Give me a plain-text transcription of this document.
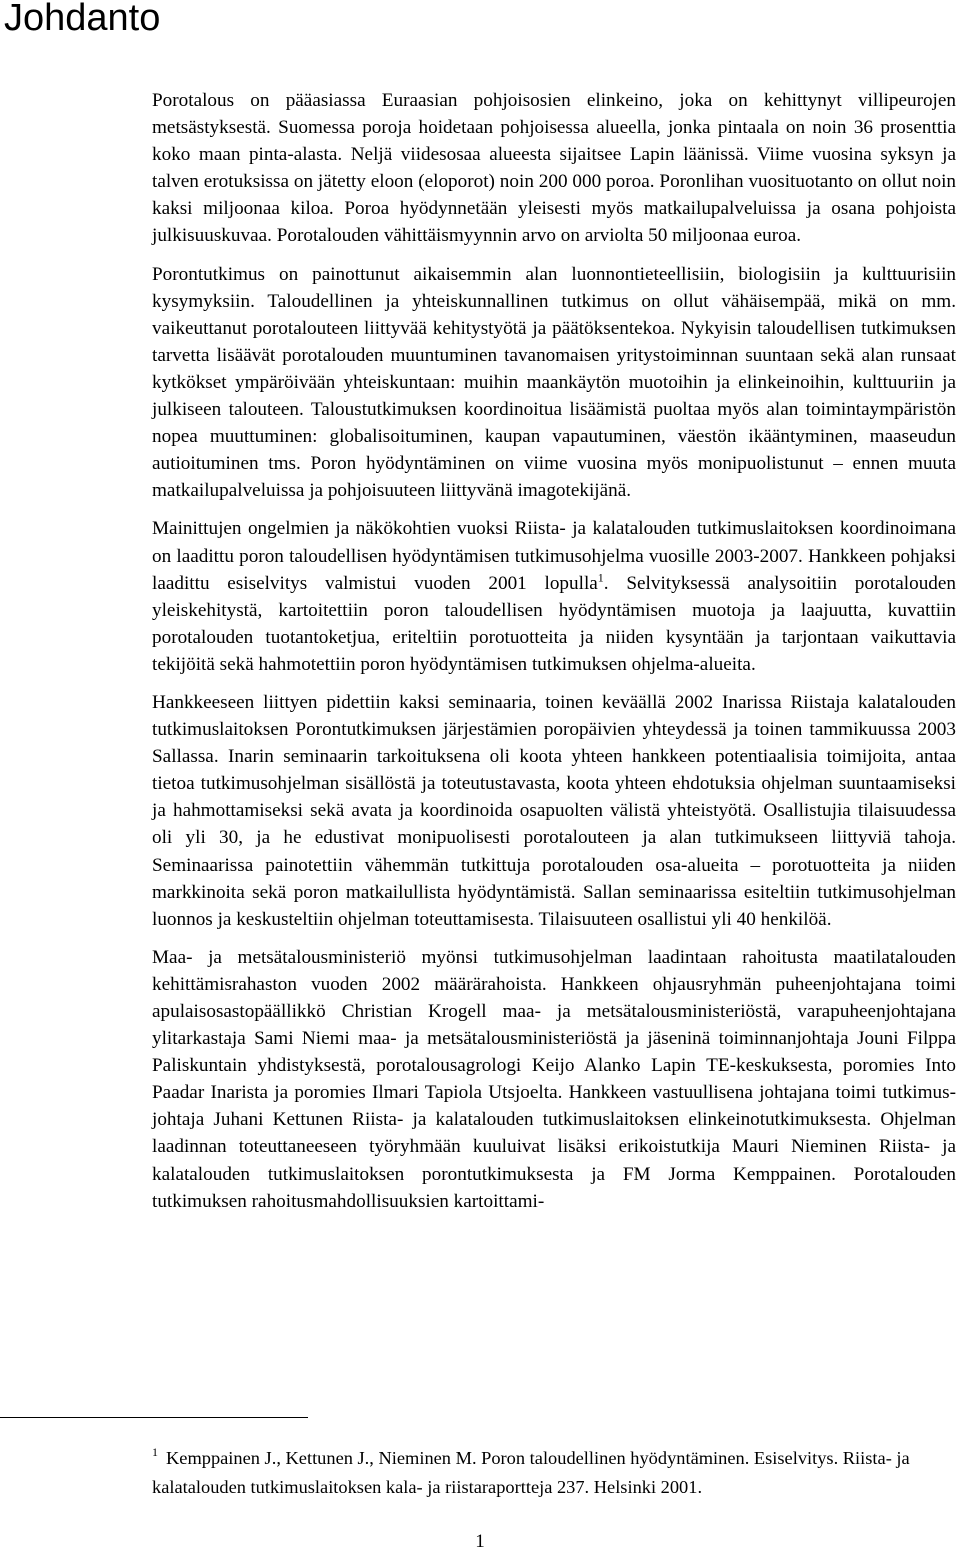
Johdanto

Porotalous on pääasiassa Euraasian pohjoisosien elinkeino, joka on kehittynyt villipeurojen metsästyksestä. Suomessa poroja hoidetaan pohjoisessa alueella, jonka pintaala on noin 36 prosenttia koko maan pinta-alasta. Neljä viidesosaa alueesta sijaitsee Lapin läänissä. Viime vuosina syksyn ja talven erotuksissa on jätetty eloon (eloporot) noin 200 000 poroa. Poronlihan vuosituotanto on ollut noin kaksi miljoonaa kiloa. Poroa hyödynnetään yleisesti myös matkailupalveluissa ja osana pohjoista julkisuuskuvaa. Porotalouden vähittäismyynnin arvo on arviolta 50 miljoonaa euroa.

Porontutkimus on painottunut aikaisemmin alan luonnontieteellisiin, biologisiin ja kulttuurisiin kysymyksiin. Taloudellinen ja yhteiskunnallinen tutkimus on ollut vähäisempää, mikä on mm. vaikeuttanut porotalouteen liittyvää kehitystyötä ja päätöksentekoa. Nykyisin taloudellisen tutkimuksen tarvetta lisäävät porotalouden muuntuminen tavanomaisen yritystoiminnan suuntaan sekä alan runsaat kytkökset ympäröivään yhteiskuntaan: muihin maankäytön muotoihin ja elinkeinoihin, kulttuuriin ja julkiseen talouteen. Taloustutkimuksen koordinoitua lisäämistä puoltaa myös alan toimintaympäristön nopea muuttuminen: globalisoituminen, kaupan vapautuminen, väestön ikääntyminen, maaseudun autioituminen tms. Poron hyödyntäminen on viime vuosina myös monipuolistunut – ennen muuta matkailupalveluissa ja pohjoisuuteen liittyvänä imagotekijänä.

Mainittujen ongelmien ja näkökohtien vuoksi Riista- ja kalatalouden tutkimuslaitoksen koordinoimana on laadittu poron taloudellisen hyödyntämisen tutkimusohjelma vuosille 2003-2007. Hankkeen pohjaksi laadittu esiselvitys valmistui vuoden 2001 lopulla$^1$. Selvityksessä analysoitiin porotalouden yleiskehitystä, kartoitettiin poron taloudellisen hyödyntämisen muotoja ja laajuutta, kuvattiin porotalouden tuotantoketjua, eriteltiin porotuotteita ja niiden kysyntään ja tarjontaan vaikuttavia tekijöitä sekä hahmotettiin poron hyödyntämisen tutkimuksen ohjelma-alueita.

Hankkeeseen liittyen pidettiin kaksi seminaaria, toinen keväällä 2002 Inarissa Riistaja kalatalouden tutkimuslaitoksen Porontutkimuksen järjestämien poropäivien yhteydessä ja toinen tammikuussa 2003 Sallassa. Inarin seminaarin tarkoituksena oli koota yhteen hankkeen potentiaalisia toimijoita, antaa tietoa tutkimusohjelman sisällöstä ja toteutustavasta, koota yhteen ehdotuksia ohjelman suuntaamiseksi ja hahmottamiseksi sekä avata ja koordinoida osapuolten välistä yhteistyötä. Osallistujia tilaisuudessa oli yli 30, ja he edustivat monipuolisesti porotalouteen ja alan tutkimukseen liittyviä tahoja. Seminaarissa painotettiin vähemmän tutkittuja porotalouden osa-alueita – porotuotteita ja niiden markkinoita sekä poron matkailullista hyödyntämistä. Sallan seminaarissa esiteltiin tutkimusohjelman luonnos ja keskusteltiin ohjelman toteuttamisesta. Tilaisuuteen osallistui yli 40 henkilöä.

Maa- ja metsätalousministeriö myönsi tutkimusohjelman laadintaan rahoitusta maatilatalouden kehittämisrahaston vuoden 2002 määrärahoista. Hankkeen ohjausryhmän puheenjohtajana toimi apulaisosastopäällikkö Christian Krogell maa- ja metsätalousministeriöstä, varapuheenjohtajana ylitarkastaja Sami Niemi maa- ja metsätalousministeriöstä ja jäseninä toiminnanjohtaja Jouni Filppa Paliskuntain yhdistyksestä, porotalousagrologi Keijo Alanko Lapin TE-keskuksesta, poromies Into Paadar Inarista ja poromies Ilmari Tapiola Utsjoelta. Hankkeen vastuullisena johtajana toimi tutkimusjohtaja Juhani Kettunen Riista- ja kalatalouden tutkimuslaitoksen elinkeinotutkimuksesta. Ohjelman laadinnan toteuttaneeseen työryhmään kuuluivat lisäksi erikoistutkija Mauri Nieminen Riista- ja kalatalouden tutkimuslaitoksen porontutkimuksesta ja FM Jorma Kemppainen. Porotalouden tutkimuksen rahoitusmahdollisuuksien kartoittami-

$^1$ Kemppainen J., Kettunen J., Nieminen M. Poron taloudellinen hyödyntäminen. Esiselvitys. Riista- ja kalatalouden tutkimuslaitoksen kala- ja riistaraportteja 237. Helsinki 2001.

1
